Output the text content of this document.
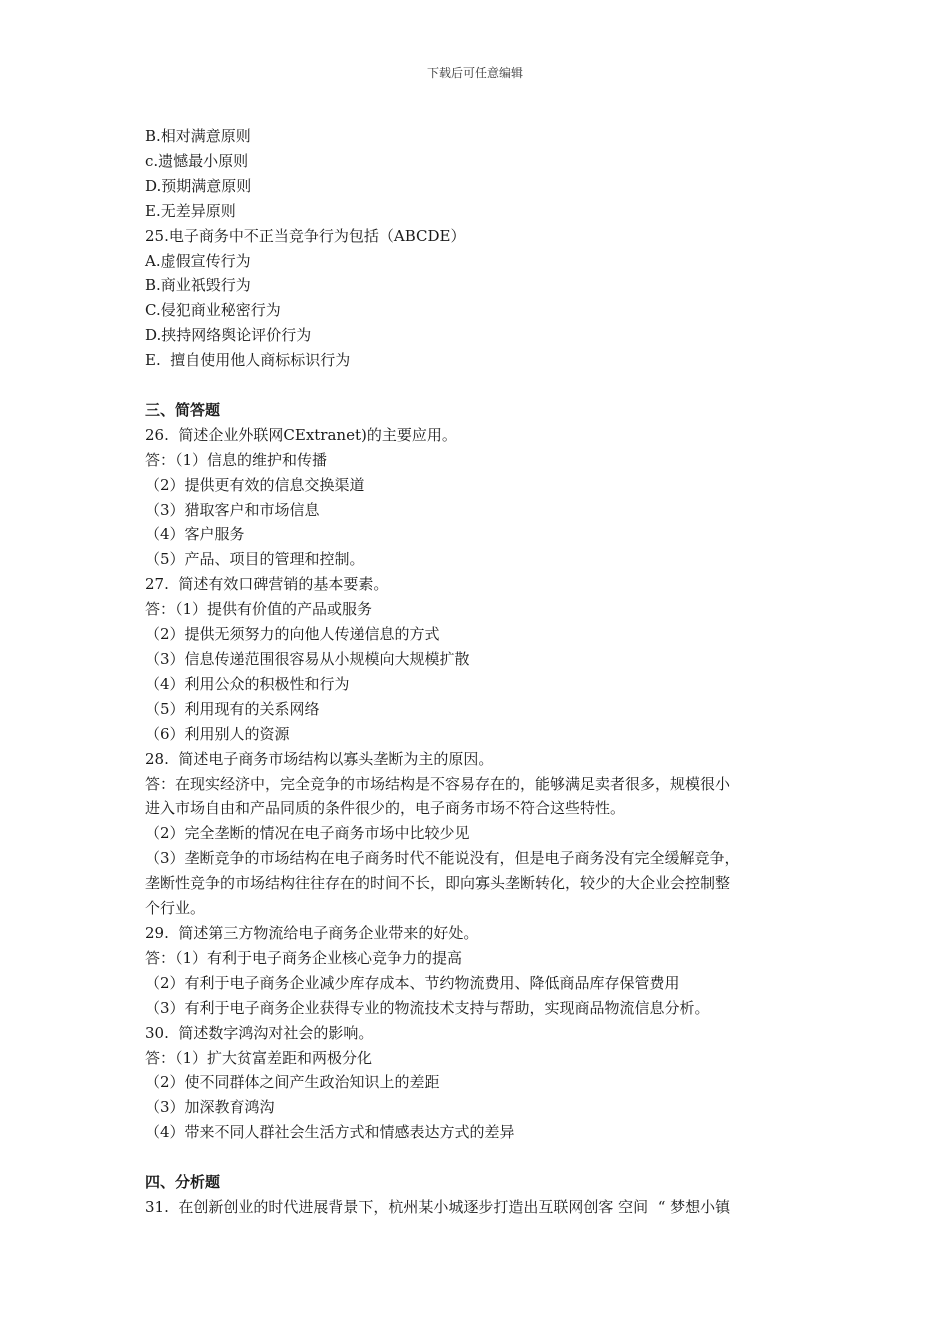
下载后可任意编辑
B.相对满意原则
c.遗憾最小原则
D.预期满意原则
E.无差异原则
25.电子商务中不正当竞争行为包括（ABCDE）
A.虚假宣传行为
B.商业祇毁行为
C.侵犯商业秘密行为
D.挟持网络舆论评价行为
E.  擅自使用他人商标标识行为
三、简答题
26.  简述企业外联网CExtranet)的主要应用。
答：（1）信息的维护和传播
（2）提供更有效的信息交换渠道
（3）猎取客户和市场信息
（4）客户服务
（5）产品、项目的管理和控制。
27.  简述有效口碑营销的基本要素。
答：（1）提供有价值的产品或服务
（2）提供无须努力的向他人传递信息的方式
（3）信息传递范围很容易从小规模向大规模扩散
（4）利用公众的积极性和行为
（5）利用现有的关系网络
（6）利用别人的资源
28.  简述电子商务市场结构以寡头垄断为主的原因。
答：在现实经济中，完全竞争的市场结构是不容易存在的，能够满足卖者很多，规模很小
进入市场自由和产品同质的条件很少的，电子商务市场不符合这些特性。
（2）完全垄断的情况在电子商务市场中比较少见
（3）垄断竞争的市场结构在电子商务时代不能说没有，但是电子商务没有完全缓解竞争，
垄断性竞争的市场结构往往存在的时间不长，即向寡头垄断转化，较少的大企业会控制整
个行业。
29.  简述第三方物流给电子商务企业带来的好处。
答：（1）有利于电子商务企业核心竞争力的提高
（2）有利于电子商务企业减少库存成本、节约物流费用、降低商品库存保管费用
（3）有利于电子商务企业获得专业的物流技术支持与帮助，实现商品物流信息分析。
30.  简述数字鸿沟对社会的影响。
答：（1）扩大贫富差距和两极分化
（2）使不同群体之间产生政治知识上的差距
（3）加深教育鸿沟
（4）带来不同人群社会生活方式和情感表达方式的差异
四、分析题
31.  在创新创业的时代进展背景下，杭州某小城逐步打造出互联网创客 空间  “ 梦想小镇
